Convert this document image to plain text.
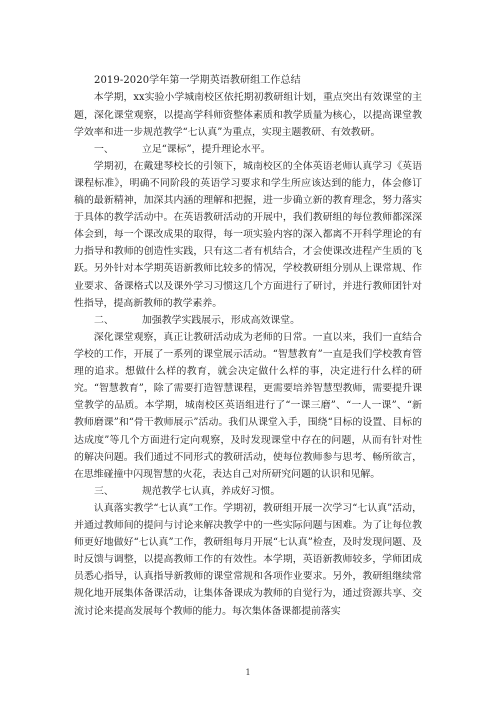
2019-2020学年第一学期英语教研组工作总结

本学期，xx实验小学城南校区依托期初教研组计划，重点突出有效课堂的主题，深化课堂观察，以提高学科师资整体素质和教学质量为核心，以提高课堂教学效率和进一步规范教学“七认真”为重点，实现主题教研、有效教研。

一、	立足“课标”，提升理论水平。

学期初，在戴建琴校长的引领下，城南校区的全体英语老师认真学习《英语课程标准》，明确不同阶段的英语学习要求和学生所应该达到的能力，体会修订稿的最新精神，加深其内涵的理解和把握，进一步确立新的教育理念，努力落实于具体的教学活动中。在英语教研活动的开展中，我们教研组的每位教师都深深体会到，每一个课改成果的取得，每一项实验内容的深入都离不开科学理论的有力指导和教师的创造性实践，只有这二者有机结合，才会使课改进程产生质的飞跃。另外针对本学期英语新教师比较多的情况，学校教研组分别从上课常规、作业要求、备课格式以及课外学习习惯这几个方面进行了研讨，并进行教师团针对性指导，提高新教师的教学素养。

二、	加强教学实践展示，形成高效课堂。

深化课堂观察，真正让教研活动成为老师的日常。一直以来，我们一直结合学校的工作，开展了一系列的课堂展示活动。“智慧教育”一直是我们学校教育管理的追求。想做什么样的教育，就会决定做什么样的事，决定进行什么样的研究。“智慧教育”，除了需要打造智慧课程，更需要培养智慧型教师，需要提升课堂教学的品质。本学期，城南校区英语组进行了“一课三磨”、“一人一课”、“新教师磨课”和“骨干教师展示”活动。我们从课堂入手，围绕“目标的设置、目标的达成度”等几个方面进行定向观察，及时发现课堂中存在的问题，从而有针对性的解决问题。我们通过不同形式的教研活动，使每位教师参与思考、畅所欲言，在思维碰撞中闪现智慧的火花，表达自己对所研究问题的认识和见解。

三、	规范教学七认真，养成好习惯。

认真落实教学“七认真”工作。学期初，教研组开展一次学习“七认真”活动，并通过教师间的提问与讨论来解决教学中的一些实际问题与困难。为了让每位教师更好地做好“七认真”工作，教研组每月开展“七认真”检查，及时发现问题、及时反馈与调整，以提高教师工作的有效性。本学期，英语新教师较多，学师团成员悉心指导，认真指导新教师的课堂常规和各项作业要求。另外，教研组继续常规化地开展集体备课活动，让集体备课成为教师的自觉行为，通过资源共享、交流讨论来提高发展每个教师的能力。每次集体备课都提前落实

1
